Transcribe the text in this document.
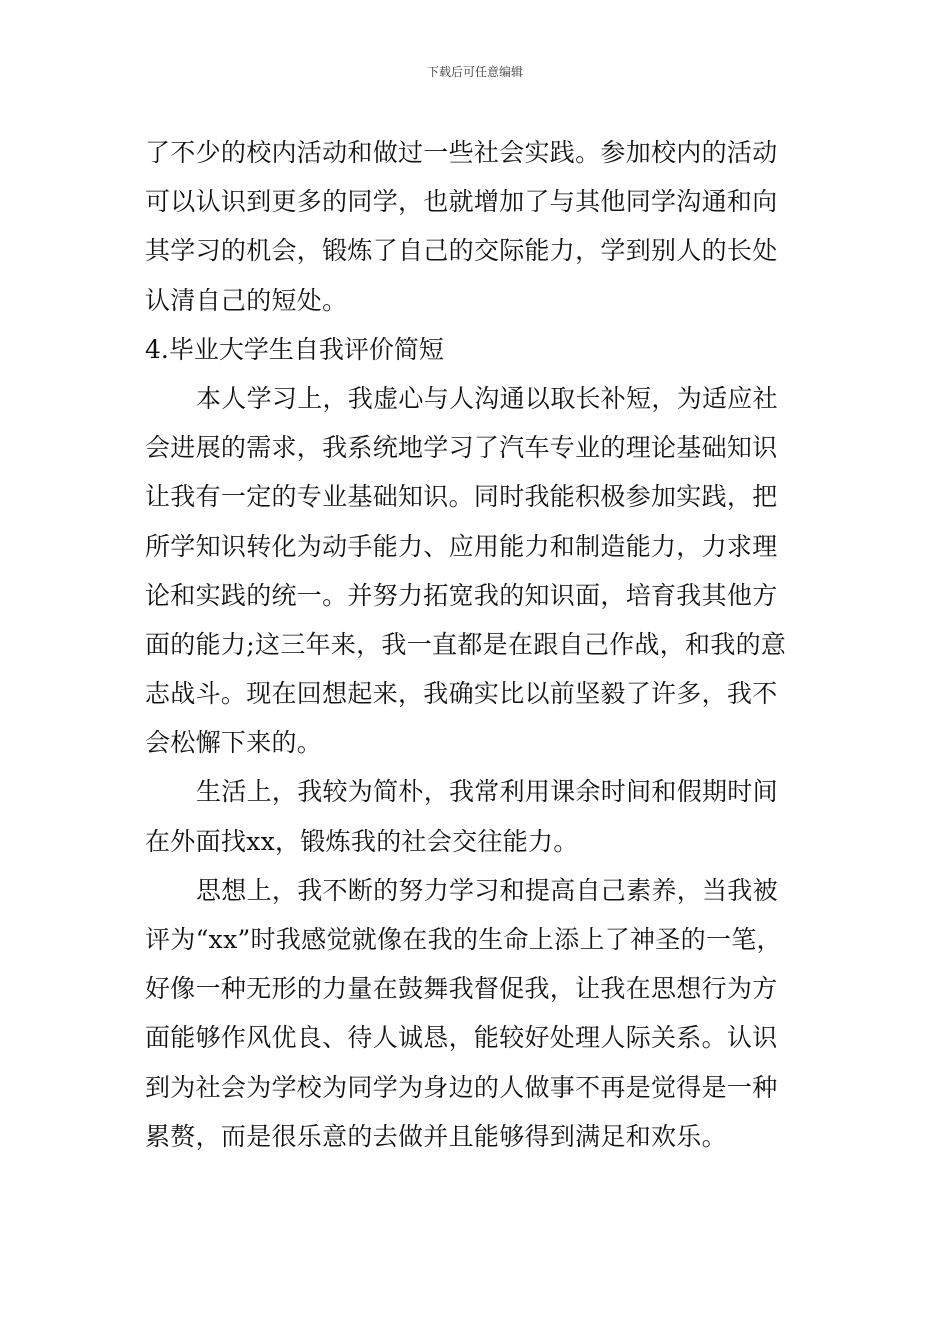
下载后可任意编辑
了不少的校内活动和做过一些社会实践。参加校内的活动
可以认识到更多的同学，也就增加了与其他同学沟通和向
其学习的机会，锻炼了自己的交际能力，学到别人的长处
认清自己的短处。
4.毕业大学生自我评价简短
本人学习上，我虚心与人沟通以取长补短，为适应社
会进展的需求，我系统地学习了汽车专业的理论基础知识
让我有一定的专业基础知识。同时我能积极参加实践，把
所学知识转化为动手能力、应用能力和制造能力，力求理
论和实践的统一。并努力拓宽我的知识面，培育我其他方
面的能力;这三年来，我一直都是在跟自己作战，和我的意
志战斗。现在回想起来，我确实比以前坚毅了许多，我不
会松懈下来的。
生活上，我较为简朴，我常利用课余时间和假期时间
在外面找xx，锻炼我的社会交往能力。
思想上，我不断的努力学习和提高自己素养，当我被
评为“xx”时我感觉就像在我的生命上添上了神圣的一笔，
好像一种无形的力量在鼓舞我督促我，让我在思想行为方
面能够作风优良、待人诚恳，能较好处理人际关系。认识
到为社会为学校为同学为身边的人做事不再是觉得是一种
累赘，而是很乐意的去做并且能够得到满足和欢乐。
